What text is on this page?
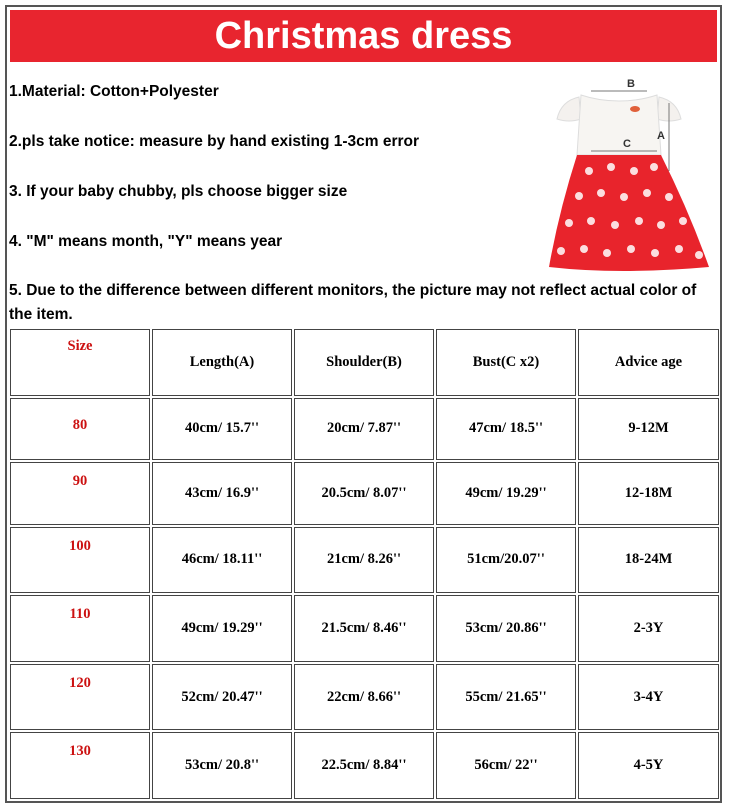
Christmas dress
1.Material: Cotton+Polyester
2.pls take notice: measure by hand existing 1-3cm error
3. If your baby chubby, pls choose bigger size
4. "M" means month, "Y" means year
5. Due to the difference between different monitors, the picture may not reflect actual color of the item.
B
C
A
Size	Length(A)	Shoulder(B)	Bust(C x2)	Advice age
80	40cm/ 15.7''	20cm/ 7.87''	47cm/ 18.5''	9-12M
90	43cm/ 16.9''	20.5cm/ 8.07''	49cm/ 19.29''	12-18M
100	46cm/ 18.11''	21cm/ 8.26''	51cm/20.07''	18-24M
110	49cm/ 19.29''	21.5cm/ 8.46''	53cm/ 20.86''	2-3Y
120	52cm/ 20.47''	22cm/ 8.66''	55cm/ 21.65''	3-4Y
130	53cm/ 20.8''	22.5cm/ 8.84''	56cm/ 22''	4-5Y
